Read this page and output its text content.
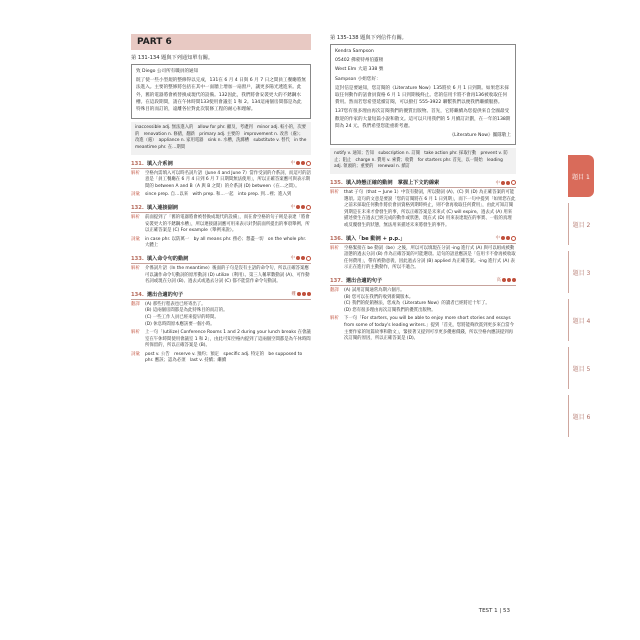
PART 6
第 131-134 題與下列通知單有關。

致 Diego 公司所有職員的通知

既了使一些小型規的整修得以完成，131在 6 月 4 日與 6 月 7 日之間員工餐廳將無法進入。主要的整修將包括在其中一面牆上增加一扇窗戶，讓更多陽光透進來。此外，舊的電器將會被替換成現代的設備。132因此，我們將會安裝更大的不銹鋼水槽。在這段期間，請在午休時間133使用會議室 1 和 2。134這兩個房間都是為此特殊目的而訂的，遠離各位對此次裝修工程的耐心和理解。

inaccessible adj. 無法進入的　allow for phr. 顧及，考慮到　minor adj. 較小的，次要的　renovation n. 修繕，翻新　primary adj. 主要的　improvement n. 改善（處）；改進（處）　appliance n. 家用電器　sink n. 水槽，洗滌槽　substitute v. 替代　in the meantime phr. 在…期間
131. 填入介系詞	中
解析	空格內需填入可以時名詞片語（June 4 and June 7）當作受詞的介系詞，而這可的語意是「員工餐廳在 6 月 4 日到 6 月 7 日期間無法使用」，所以正確答案應可與表示期間的 between A and B（A 與 B 之間）的介系詞 (D) between（在…之間）。
詞彙	since prep. 自…以來　with prep. 和…一起　into prep. 到…裡；進入到
132. 填入連接副詞	中
解析	前面提到了「舊的電器將會被替換成現代的設備」，而在會空格的句子則是表達「將會安裝更大的不銹鋼水槽」，所以連接副詞應可用來表示針對前面所提出的事項舉例，所以正確答案是 (C) For example（舉例來說）。
詞彙	in case phr. 以防萬一　by all means phr. 務必；想盡一切　on the whole phr. 大體上
133. 填入命令句的動詞	中
解析	介係詞片語（In the meantime）後面的子句是沒有主語的命令句，所以正確答案應可以讓作命令句動詞的原形動詞 (D) utilize（利用）。第三人稱單數動詞 (A)、可作動名詞或現在分詞 (B)、過去式或過去分詞 (C) 都不能當作命令句動詞。
134. 選出合適的句子	難
翻譯	(A) 那些行程表也已經寄出了。
(B) 這兩個房間都是為此特殊目的而訂的。
(C) 一些工作人員已經來提早的時間。
(D) 休息時間原本應該要一個小時。
解析	上一句「(utilize) Conference Rooms 1 and 2 during your lunch breaks 在會議室在午休時間使用會議室 1 和 2」，由此可知空格內提到了這兩個空間都是為午休時間所保留的，所以正確答案是 (B)。
詞彙	post v. 公告　reserve v. 預約；預定　specific adj. 特定的　be supposed to phr. 應該；認為必須　last v. 持續；繼續
第 135-138 題與下列信件有關。

Kendra Sampson

05402 佛蒙特州伯靈頓

West Elm 大道 338 號

Sampson 小姐您好：

這封信是要通知，您訂閱的《Literature Now》135將於 6 月 1 日到期。如果您未採取任何動作的話會員資格 6 月 1 日到期後終止。您的信用卡將不會再136被收取任何費用。然而若您希望延續訂閱，可以撥打 555-3922 聯繫我們以便我們繼續服務。

137您有很多理由再次訂閱我們的優質出版物。首先，它將繼續為您提供來自全國最受歡迎的作家的大量短篇小說和散文。這可以只用我們的 5 月續訂計劃，在一年的138期間為 24 元。我們希望您能重新考慮。

《Literature Now》團隊敬上

notify v. 通知；告知　subscription n. 訂閱　take action phr. 採取行動　prevent v. 防止；阻止　charge n. 費用 v. 索費；收費　for starters phr. 首先，以一開始　leading adj. 領頭的；重要的　renewal n. 續訂
135. 填入時態正確的動詞　掌握上下文的線索	中
解析	that 子句（that ~ June 1）中沒有動詞，所以動詞 (A)、(C) 與 (D) 為正確答案的可能選項。這句的文意是要說「您的訂閱將在 6 月 1 日到期」，而下一句中提到「如果您在此之前未採取任何動作將於會員資格到期時終止，則不會再收取任何費用」，由此可知訂閱到期是在未來才會發生的事，所以正確答案是未來式 (C) will expire。過去式 (A) 用來描述發生在過去已經完成的動作或狀態，現在式 (D) 用來表達現在的事實、一般的真理或反覆發生的狀態，無法用來描述未來將發生的事件。
136. 填入「be 動詞 + p.p.」	中
解析	空格緊接在 be 動詞（be）之後，所以可以填現在分詞 -ing 進行式 (A) 與可以組成被動語態的過去分詞 (B) 作為正確答案的可能選項。這句的語意應該是「信用卡不會再被收取任何費用」，帶有被動意義，因此過去分詞 (B) applied 為正確答案。-ing 進行式 (A) 表示正在進行的主動動作，所以不適合。
137. 選出合適的句子	高
翻譯	(A) 試用訂閱通常為期六個月。
(B) 您可以在我們的收到新聞版本。
(C) 我們的促銷辦法，您成為《Literature Now》的讀者已經將近十年了。
(D) 您有很多理由再次訂閱我們的優質出版物。
解析	下一句「For starters, you will be able to enjoy more short stories and essays from some of today's leading writers.」提到「首先，您將能夠欣賞到更多來自當今主要作家的短篇故事和散文」，緊接著又提到可享更多優惠價錢，所以空格內應該提到再次訂閱的原因，所以正確答案是 (D)。
題目 1
題目 2
題目 3
題目 4
題目 5
題目 6
TEST 1 | 53
